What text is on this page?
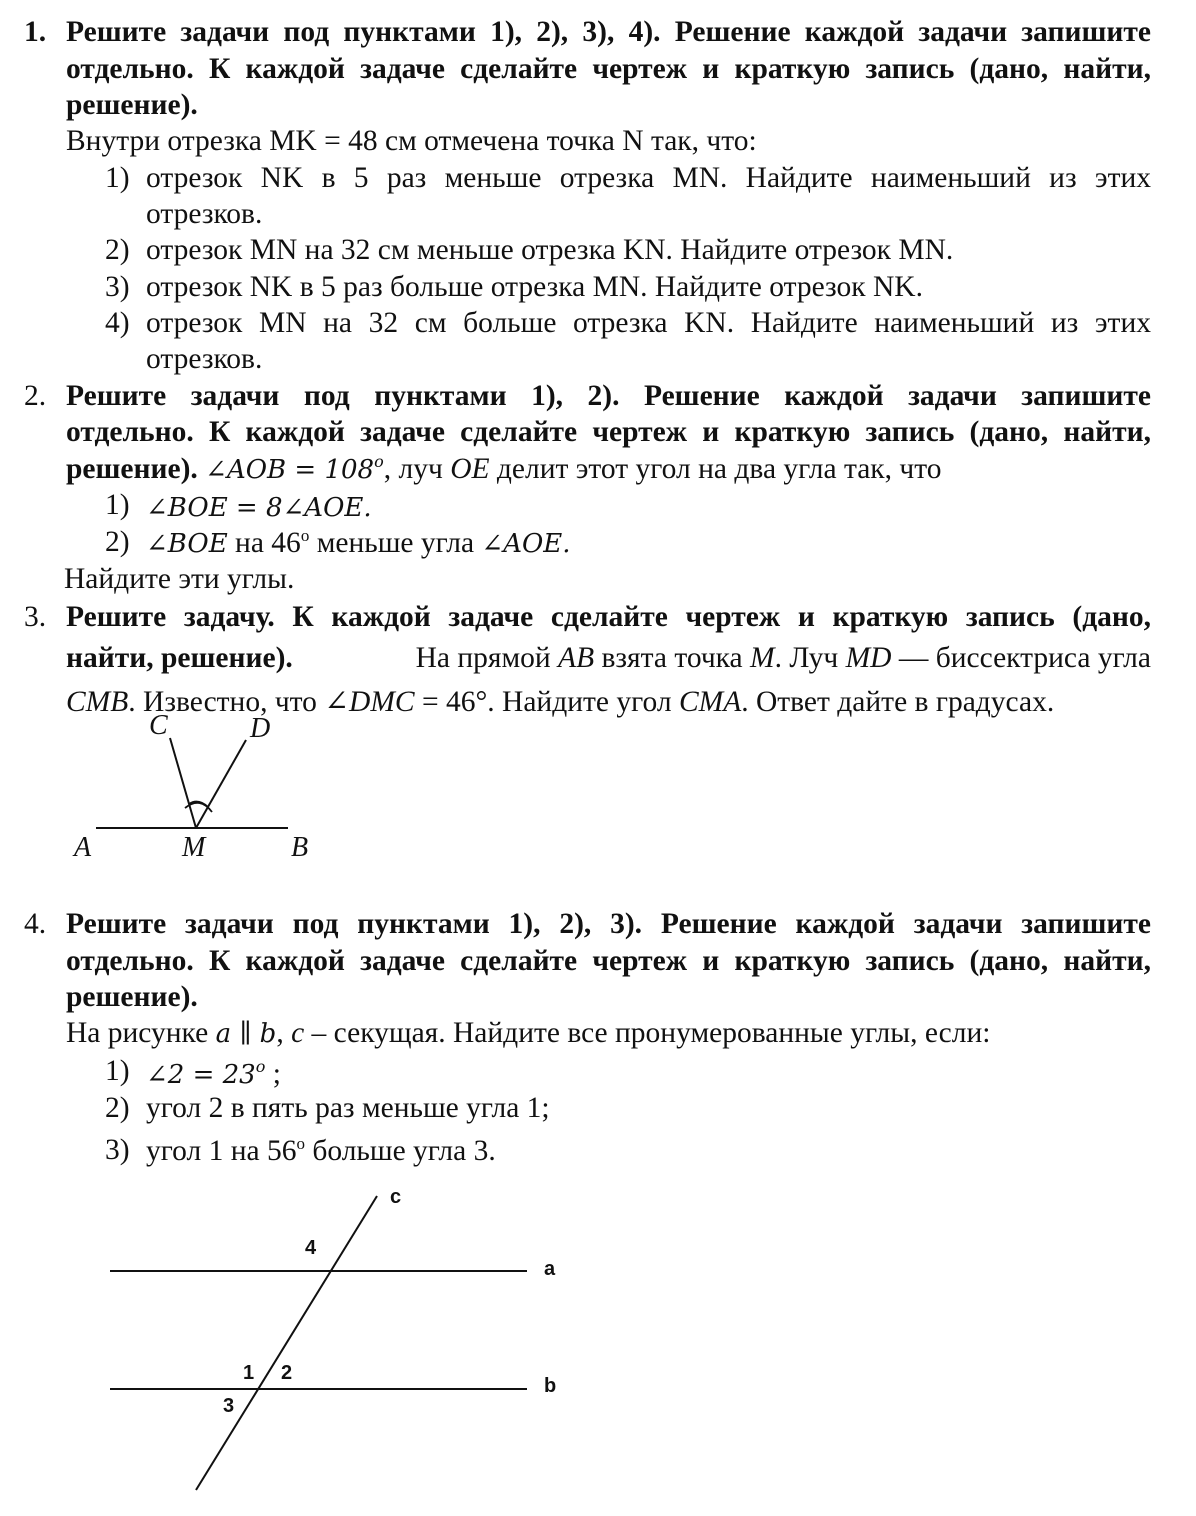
1. Решите задачи под пунктами 1), 2), 3), 4). Решение каждой задачи запишите
отдельно. К каждой задаче сделайте чертеж и краткую запись (дано, найти,
решение).
Внутри отрезка MK = 48 см отмечена точка N так, что:
1) отрезок NK в 5 раз меньше отрезка MN. Найдите наименьший из этих
отрезков.
2) отрезок MN на 32 см меньше отрезка KN. Найдите отрезок MN.
3) отрезок NK в 5 раз больше отрезка MN. Найдите отрезок NK.
4) отрезок MN на 32 см больше отрезка KN. Найдите наименьший из этих
отрезков.
2. Решите задачи под пунктами 1), 2). Решение каждой задачи запишите
отдельно. К каждой задаче сделайте чертеж и краткую запись (дано, найти,
решение). ∠AOB = $108^o$, луч OE делит этот угол на два угла так, что
1) ∠BOE = 8∠AOE.
2) ∠BOE на 46$^o$ меньше угла ∠AOE.
Найдите эти углы.
3. Решите задачу. К каждой задаче сделайте чертеж и краткую запись (дано,
найти, решение).	На прямой AB взята точка M. Луч MD — биссектриса угла
CMB. Известно, что ∠DMC = 46°. Найдите угол CMA. Ответ дайте в градусах.
C	D
A	M	B
4. Решите задачи под пунктами 1), 2), 3). Решение каждой задачи запишите
отдельно. К каждой задаче сделайте чертеж и краткую запись (дано, найти,
решение).
На рисунке a ∥ b, c – секущая. Найдите все пронумерованные углы, если:
1) ∠2 = $23^o$ ;
2) угол 2 в пять раз меньше угла 1;
3) угол 1 на 56$^o$ больше угла 3.
c
a
b
4
1 2
3
